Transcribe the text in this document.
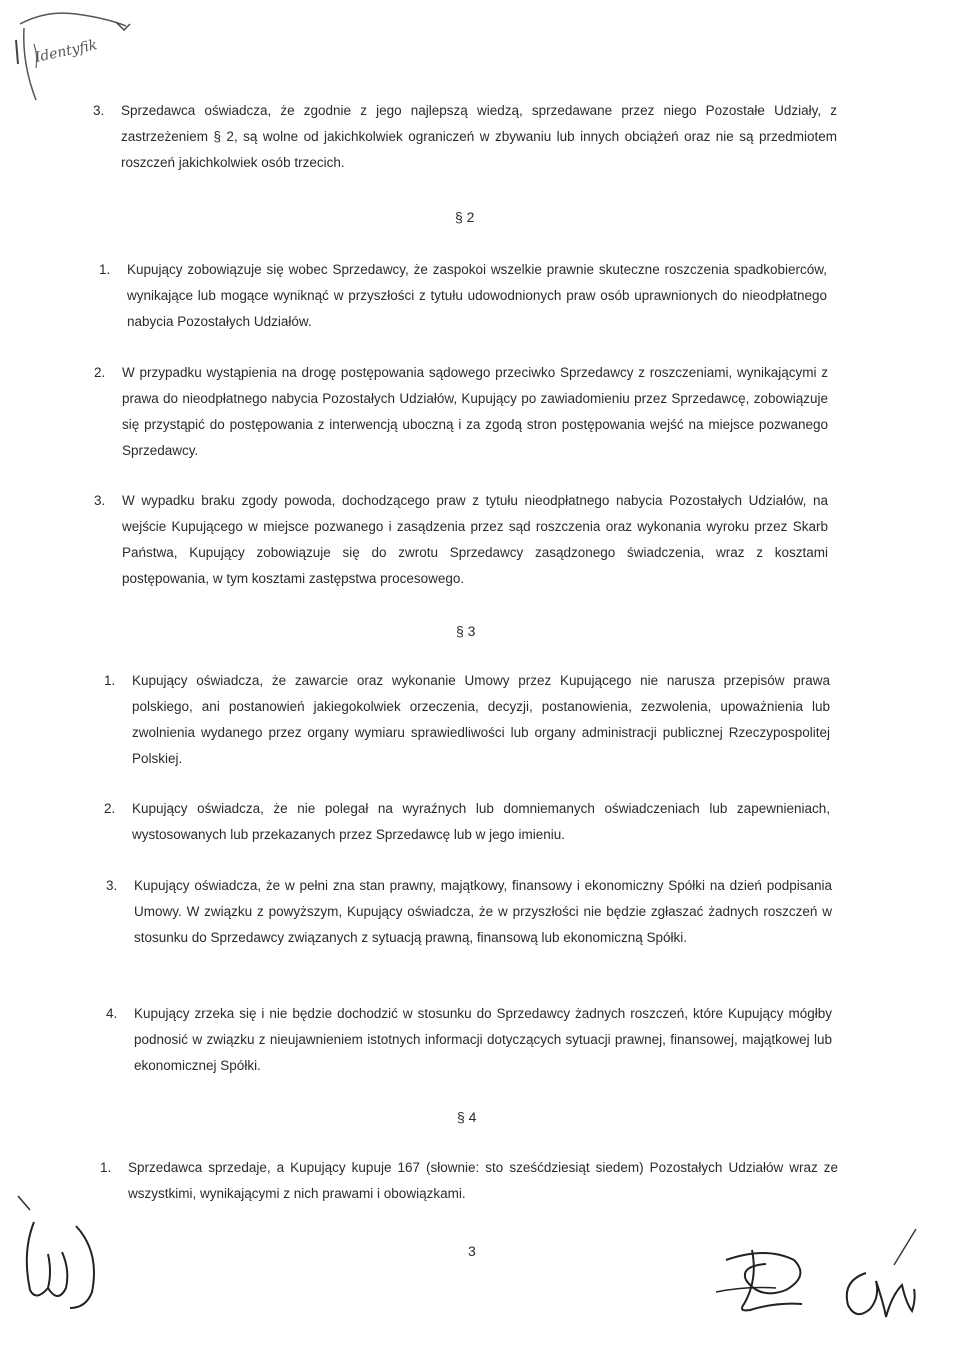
Identyfik
3. Sprzedawca oświadcza, że zgodnie z jego najlepszą wiedzą, sprzedawane przez niego Pozostałe Udziały, z zastrzeżeniem § 2, są wolne od jakichkolwiek ograniczeń w zbywaniu lub innych obciążeń oraz nie są przedmiotem roszczeń jakichkolwiek osób trzecich.
§ 2
1. Kupujący zobowiązuje się wobec Sprzedawcy, że zaspokoi wszelkie prawnie skuteczne roszczenia spadkobierców, wynikające lub mogące wyniknąć w przyszłości z tytułu udowodnionych praw osób uprawnionych do nieodpłatnego nabycia Pozostałych Udziałów.
2. W przypadku wystąpienia na drogę postępowania sądowego przeciwko Sprzedawcy z roszczeniami, wynikającymi z prawa do nieodpłatnego nabycia Pozostałych Udziałów, Kupujący po zawiadomieniu przez Sprzedawcę, zobowiązuje się przystąpić do postępowania z interwencją uboczną i za zgodą stron postępowania wejść na miejsce pozwanego Sprzedawcy.
3. W wypadku braku zgody powoda, dochodzącego praw z tytułu nieodpłatnego nabycia Pozostałych Udziałów, na wejście Kupującego w miejsce pozwanego i zasądzenia przez sąd roszczenia oraz wykonania wyroku przez Skarb Państwa, Kupujący zobowiązuje się do zwrotu Sprzedawcy zasądzonego świadczenia, wraz z kosztami postępowania, w tym kosztami zastępstwa procesowego.
§ 3
1. Kupujący oświadcza, że zawarcie oraz wykonanie Umowy przez Kupującego nie narusza przepisów prawa polskiego, ani postanowień jakiegokolwiek orzeczenia, decyzji, postanowienia, zezwolenia, upoważnienia lub zwolnienia wydanego przez organy wymiaru sprawiedliwości lub organy administracji publicznej Rzeczypospolitej Polskiej.
2. Kupujący oświadcza, że nie polegał na wyraźnych lub domniemanych oświadczeniach lub zapewnieniach, wystosowanych lub przekazanych przez Sprzedawcę lub w jego imieniu.
3. Kupujący oświadcza, że w pełni zna stan prawny, majątkowy, finansowy i ekonomiczny Spółki na dzień podpisania Umowy. W związku z powyższym, Kupujący oświadcza, że w przyszłości nie będzie zgłaszać żadnych roszczeń w stosunku do Sprzedawcy związanych z sytuacją prawną, finansową lub ekonomiczną Spółki.
4. Kupujący zrzeka się i nie będzie dochodzić w stosunku do Sprzedawcy żadnych roszczeń, które Kupujący mógłby podnosić w związku z nieujawnieniem istotnych informacji dotyczących sytuacji prawnej, finansowej, majątkowej lub ekonomicznej Spółki.
§ 4
1. Sprzedawca sprzedaje, a Kupujący kupuje 167 (słownie: sto sześćdziesiąt siedem) Pozostałych Udziałów wraz ze wszystkimi, wynikającymi z nich prawami i obowiązkami.
3
